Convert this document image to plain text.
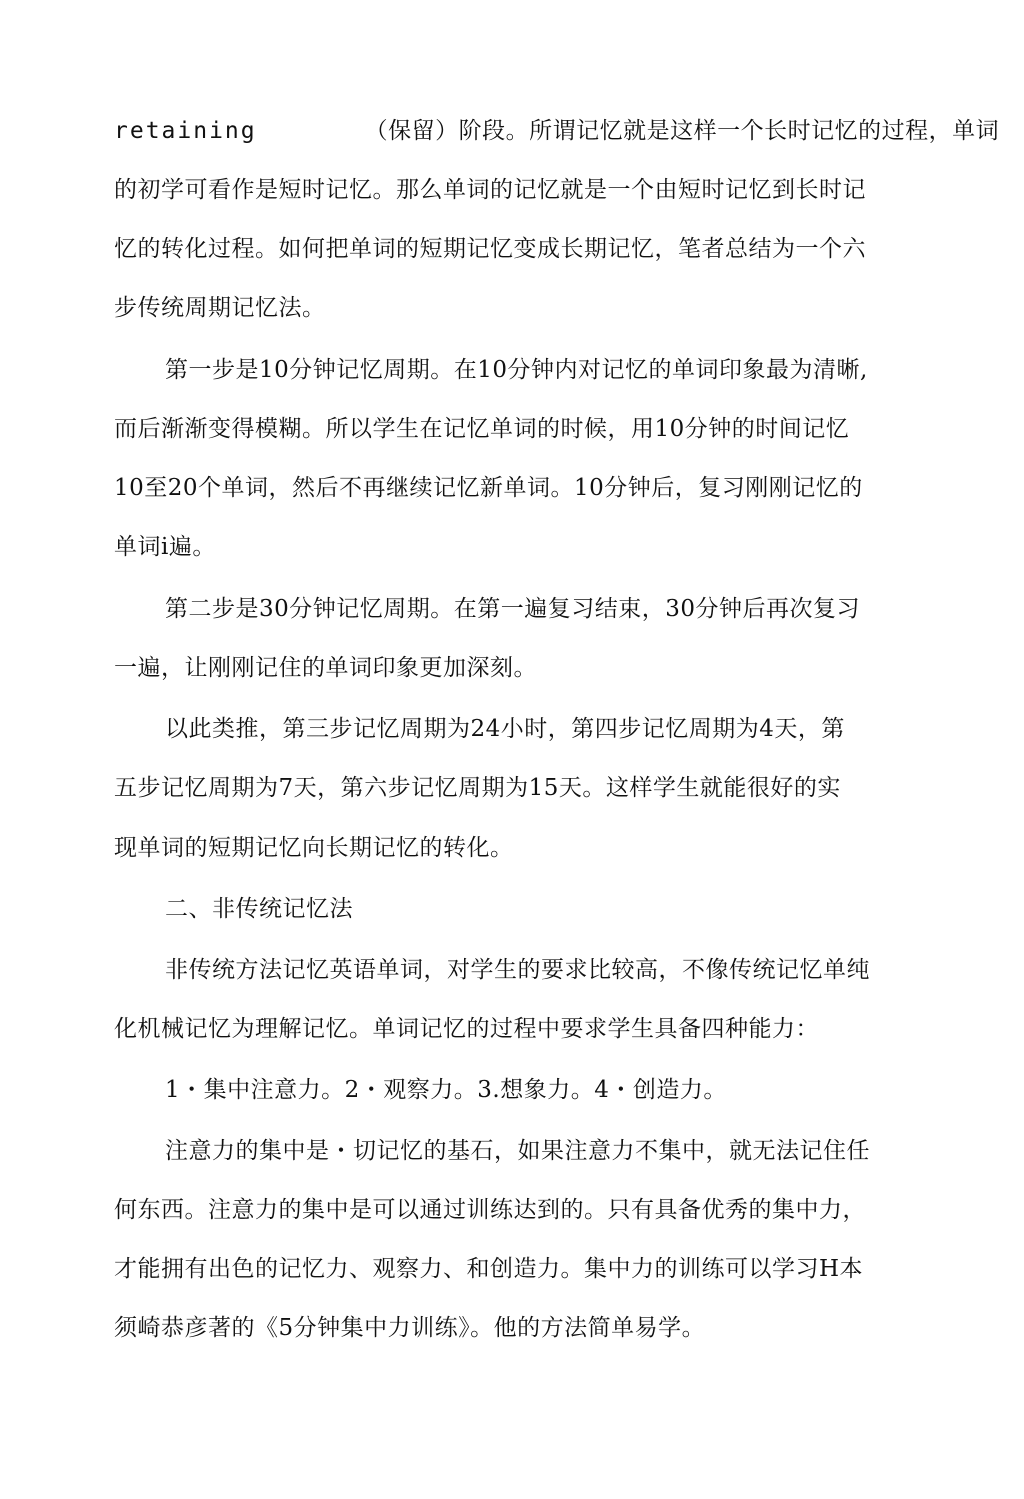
retaining	（保留）阶段。所谓记忆就是这样一个长时记忆的过程，单词
的初学可看作是短时记忆。那么单词的记忆就是一个由短时记忆到长时记
忆的转化过程。如何把单词的短期记忆变成长期记忆，笔者总结为一个六
步传统周期记忆法。
第一步是10分钟记忆周期。在10分钟内对记忆的单词印象最为清晰,
而后渐渐变得模糊。所以学生在记忆单词的时候，用10分钟的时间记忆
10至20个单词，然后不再继续记忆新单词。10分钟后，复习刚刚记忆的
单词i遍。
第二步是30分钟记忆周期。在第一遍复习结束，30分钟后再次复习
一遍，让刚刚记住的单词印象更加深刻。
以此类推，第三步记忆周期为24小时，第四步记忆周期为4天，第
五步记忆周期为7天，第六步记忆周期为15天。这样学生就能很好的实
现单词的短期记忆向长期记忆的转化。
二、非传统记忆法
非传统方法记忆英语单词，对学生的要求比较高，不像传统记忆单纯
化机械记忆为理解记忆。单词记忆的过程中要求学生具备四种能力：
1・集中注意力。2・观察力。3.想象力。4・创造力。
注意力的集中是・切记忆的基石，如果注意力不集中，就无法记住任
何东西。注意力的集中是可以通过训练达到的。只有具备优秀的集中力，
才能拥有出色的记忆力、观察力、和创造力。集中力的训练可以学习H本
须崎恭彦著的《5分钟集中力训练》。他的方法简单易学。
